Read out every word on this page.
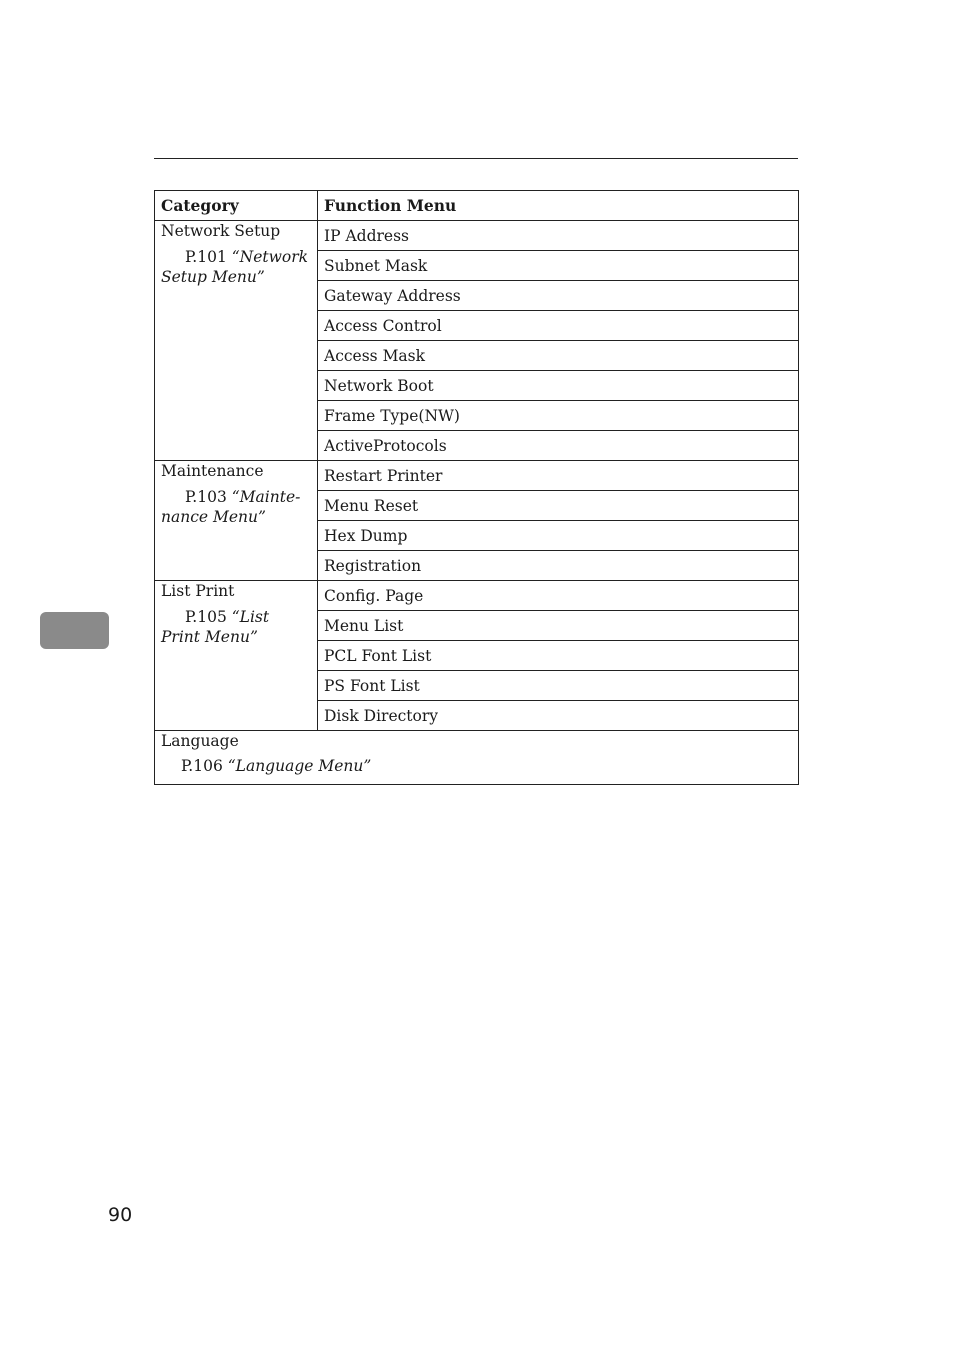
Category	Function Menu

Network Setup
P.101 “Network Setup Menu”	IP Address
	Subnet Mask
	Gateway Address
	Access Control
	Access Mask
	Network Boot
	Frame Type(NW)
	ActiveProtocols

Maintenance
P.103 “Mainte-nance Menu”	Restart Printer
	Menu Reset
	Hex Dump
	Registration

List Print
P.105 “List Print Menu”	Config. Page
	Menu List
	PCL Font List
	PS Font List
	Disk Directory

Language
P.106 “Language Menu”	
90
